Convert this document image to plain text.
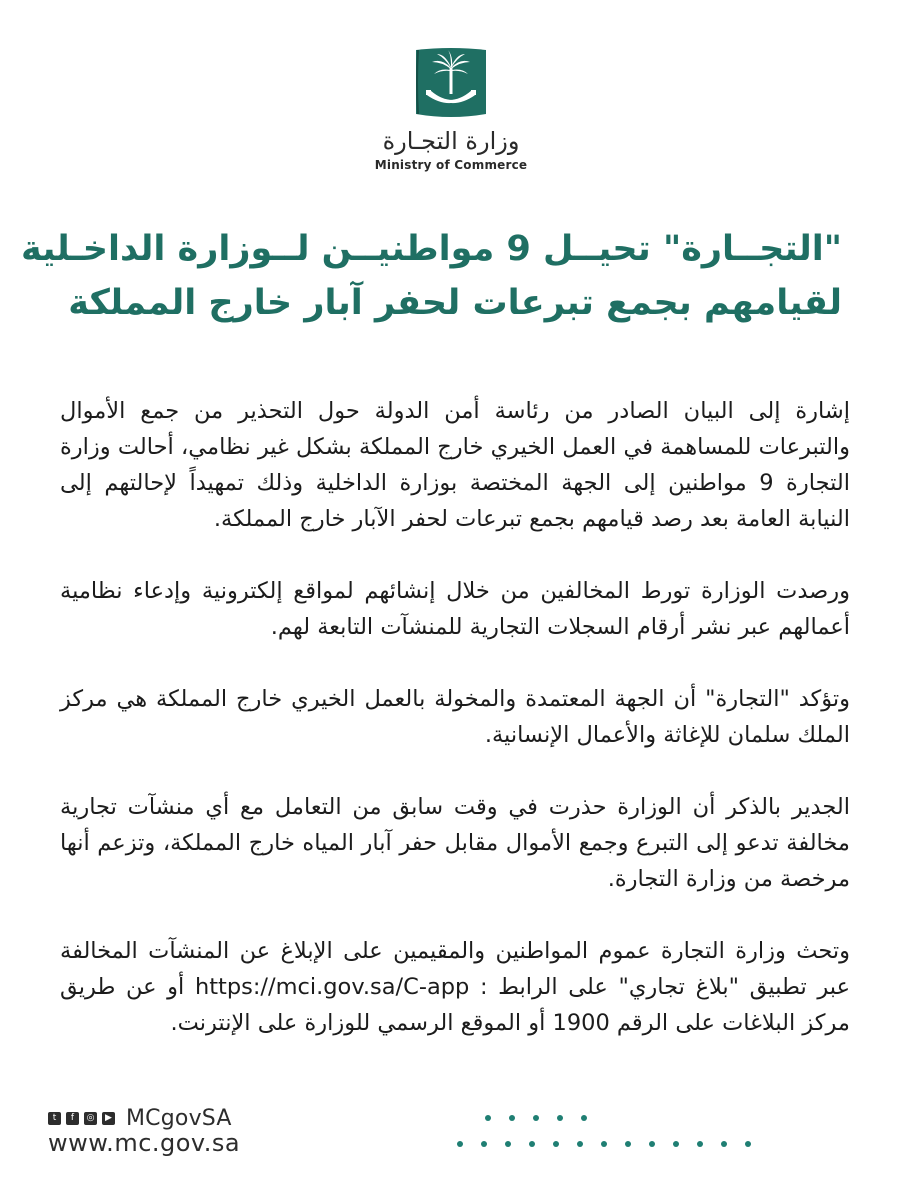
وزارة التجـارة
Ministry of Commerce
"التجــارة" تحيــل 9 مواطنيــن لــوزارة الداخـلية
لقيامهم بجمع تبرعات لحفر آبار خارج المملكة

إشارة إلى البيان الصادر من رئاسة أمن الدولة حول التحذير من جمع الأموال والتبرعات للمساهمة في العمل الخيري خارج المملكة بشكل غير نظامي، أحالت وزارة التجارة 9 مواطنين إلى الجهة المختصة بوزارة الداخلية وذلك تمهيداً لإحالتهم إلى النيابة العامة بعد رصد قيامهم بجمع تبرعات لحفر الآبار خارج المملكة.

ورصدت الوزارة تورط المخالفين من خلال إنشائهم لمواقع إلكترونية وإدعاء نظامية أعمالهم عبر نشر أرقام السجلات التجارية للمنشآت التابعة لهم.

وتؤكد "التجارة" أن الجهة المعتمدة والمخولة بالعمل الخيري خارج المملكة هي مركز الملك سلمان للإغاثة والأعمال الإنسانية.

الجدير بالذكر أن الوزارة حذرت في وقت سابق من التعامل مع أي منشآت تجارية مخالفة تدعو إلى التبرع وجمع الأموال مقابل حفر آبار المياه خارج المملكة، وتزعم أنها مرخصة من وزارة التجارة.

وتحث وزارة التجارة عموم المواطنين والمقيمين على الإبلاغ عن المنشآت المخالفة عبر تطبيق "بلاغ تجاري" على الرابط : https://mci.gov.sa/C-app أو عن طريق مركز البلاغات على الرقم 1900 أو الموقع الرسمي للوزارة على الإنترنت.

t	f	◎	▶ MCgovSA
www.mc.gov.sa
